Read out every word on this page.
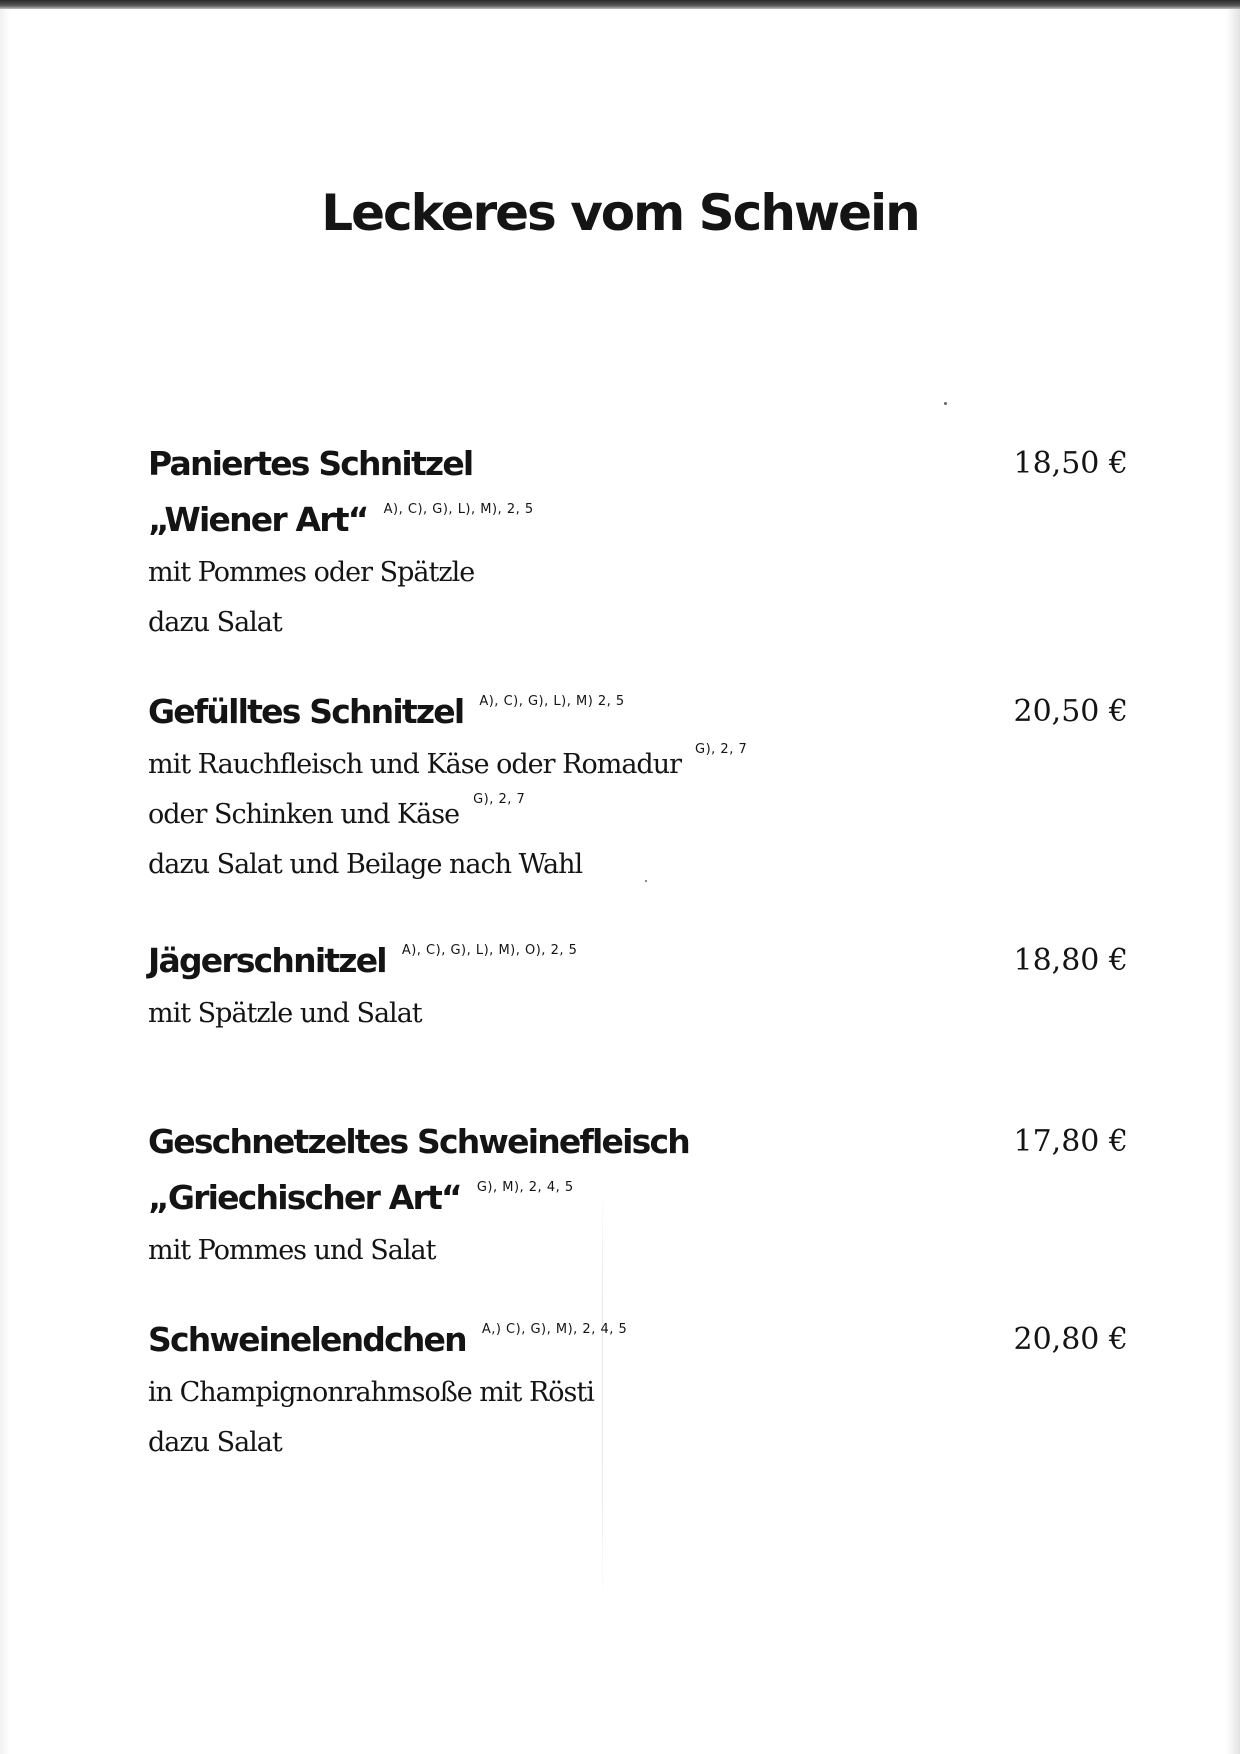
Leckeres vom Schwein
18,50 €
Paniertes Schnitzel
„Wiener Art“ $^{A), C), G), L), M), 2, 5}$
mit Pommes oder Spätzle
dazu Salat
20,50 €
Gefülltes Schnitzel $^{A), C), G), L), M) 2, 5}$
mit Rauchfleisch und Käse oder Romadur $^{G), 2, 7}$
oder Schinken und Käse $^{G), 2, 7}$
dazu Salat und Beilage nach Wahl
18,80 €
Jägerschnitzel $^{A), C), G), L), M), O), 2, 5}$
mit Spätzle und Salat
17,80 €
Geschnetzeltes Schweinefleisch
„Griechischer Art“ $^{G), M), 2, 4, 5}$
mit Pommes und Salat
20,80 €
Schweinelendchen $^{A,) C), G), M), 2, 4, 5}$
in Champignonrahmsoße mit Rösti
dazu Salat
